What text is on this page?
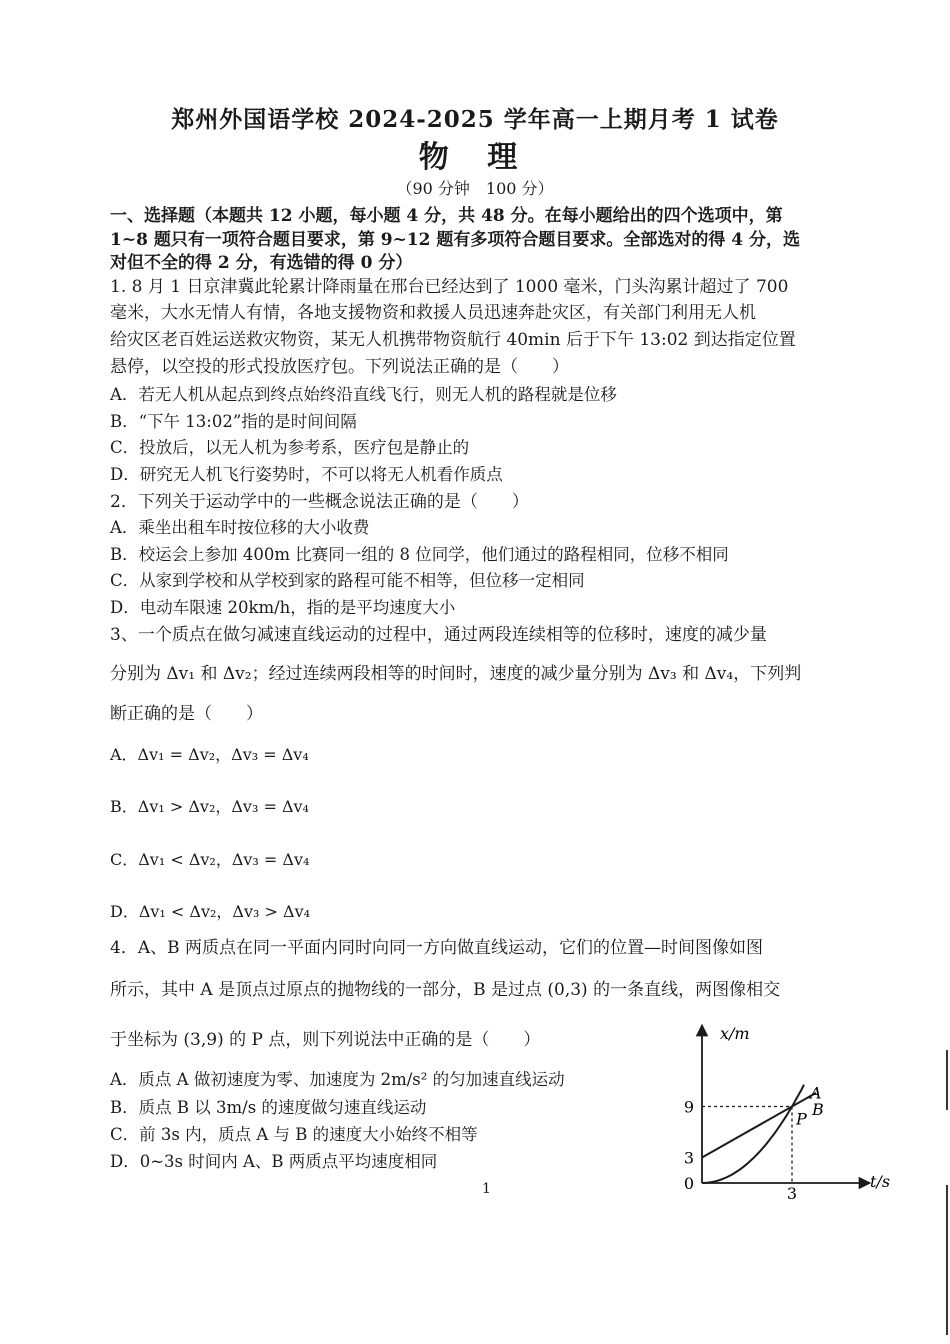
郑州外国语学校 2024-2025 学年高一上期月考 1 试卷
物 理
（90 分钟　100 分）
一、选择题（本题共 12 小题，每小题 4 分，共 48 分。在每小题给出的四个选项中，第
1~8 题只有一项符合题目要求，第 9~12 题有多项符合题目要求。全部选对的得 4 分，选
对但不全的得 2 分，有选错的得 0 分）
1. 8 月 1 日京津冀此轮累计降雨量在邢台已经达到了 1000 毫米，门头沟累计超过了 700
毫米，大水无情人有情，各地支援物资和救援人员迅速奔赴灾区，有关部门利用无人机
给灾区老百姓运送救灾物资，某无人机携带物资航行 40min 后于下午 13:02 到达指定位置
悬停，以空投的形式投放医疗包。下列说法正确的是（　　）
A．若无人机从起点到终点始终沿直线飞行，则无人机的路程就是位移
B．“下午 13:02”指的是时间间隔
C．投放后，以无人机为参考系，医疗包是静止的
D．研究无人机飞行姿势时，不可以将无人机看作质点
2．下列关于运动学中的一些概念说法正确的是（　　）
A．乘坐出租车时按位移的大小收费
B．校运会上参加 400m 比赛同一组的 8 位同学，他们通过的路程相同，位移不相同
C．从家到学校和从学校到家的路程可能不相等，但位移一定相同
D．电动车限速 20km/h，指的是平均速度大小
3、一个质点在做匀减速直线运动的过程中，通过两段连续相等的位移时，速度的减少量
分别为 Δv₁ 和 Δv₂；经过连续两段相等的时间时，速度的减少量分别为 Δv₃ 和 Δv₄，下列判
断正确的是（　　）
A．Δv₁ = Δv₂，Δv₃ = Δv₄
B．Δv₁ > Δv₂，Δv₃ = Δv₄
C．Δv₁ < Δv₂，Δv₃ = Δv₄
D．Δv₁ < Δv₂，Δv₃ > Δv₄
4．A、B 两质点在同一平面内同时向同一方向做直线运动，它们的位置—时间图像如图
所示，其中 A 是顶点过原点的抛物线的一部分，B 是过点 (0,3) 的一条直线，两图像相交
于坐标为 (3,9) 的 P 点，则下列说法中正确的是（　　）
A．质点 A 做初速度为零、加速度为 2m/s² 的匀加速直线运动
B．质点 B 以 3m/s 的速度做匀速直线运动
C．前 3s 内，质点 A 与 B 的速度大小始终不相等
D．0~3s 时间内 A、B 两质点平均速度相同
x/m
t/s
0
9
3
3
A
B
P
1
